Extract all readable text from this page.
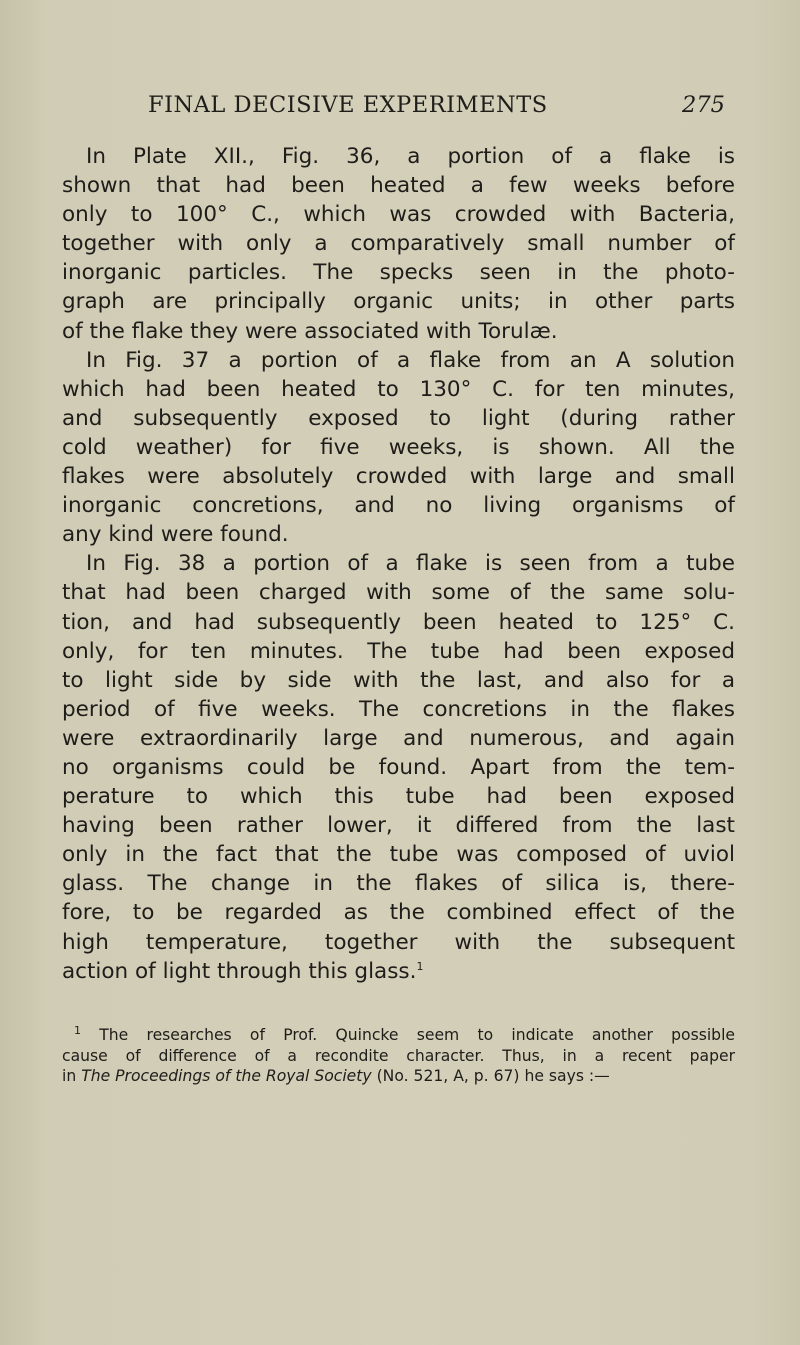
FINAL DECISIVE EXPERIMENTS	275
In Plate XII., Fig. 36, a portion of a flake is
shown that had been heated a few weeks before
only to 100° C., which was crowded with Bacteria,
together with only a comparatively small number of
inorganic particles. The specks seen in the photo-
graph are principally organic units; in other parts
of the flake they were associated with Torulæ.
In Fig. 37 a portion of a flake from an A solution
which had been heated to 130° C. for ten minutes,
and subsequently exposed to light (during rather
cold weather) for five weeks, is shown. All the
flakes were absolutely crowded with large and small
inorganic concretions, and no living organisms of
any kind were found.
In Fig. 38 a portion of a flake is seen from a tube
that had been charged with some of the same solu-
tion, and had subsequently been heated to 125° C.
only, for ten minutes. The tube had been exposed
to light side by side with the last, and also for a
period of five weeks. The concretions in the flakes
were extraordinarily large and numerous, and again
no organisms could be found. Apart from the tem-
perature to which this tube had been exposed
having been rather lower, it differed from the last
only in the fact that the tube was composed of uviol
glass. The change in the flakes of silica is, there-
fore, to be regarded as the combined effect of the
high temperature, together with the subsequent
action of light through this glass.$^1$
$^1$ The researches of Prof. Quincke seem to indicate another possible
cause of difference of a recondite character. Thus, in a recent paper
in The Proceedings of the Royal Society (No. 521, A, p. 67) he says :—
